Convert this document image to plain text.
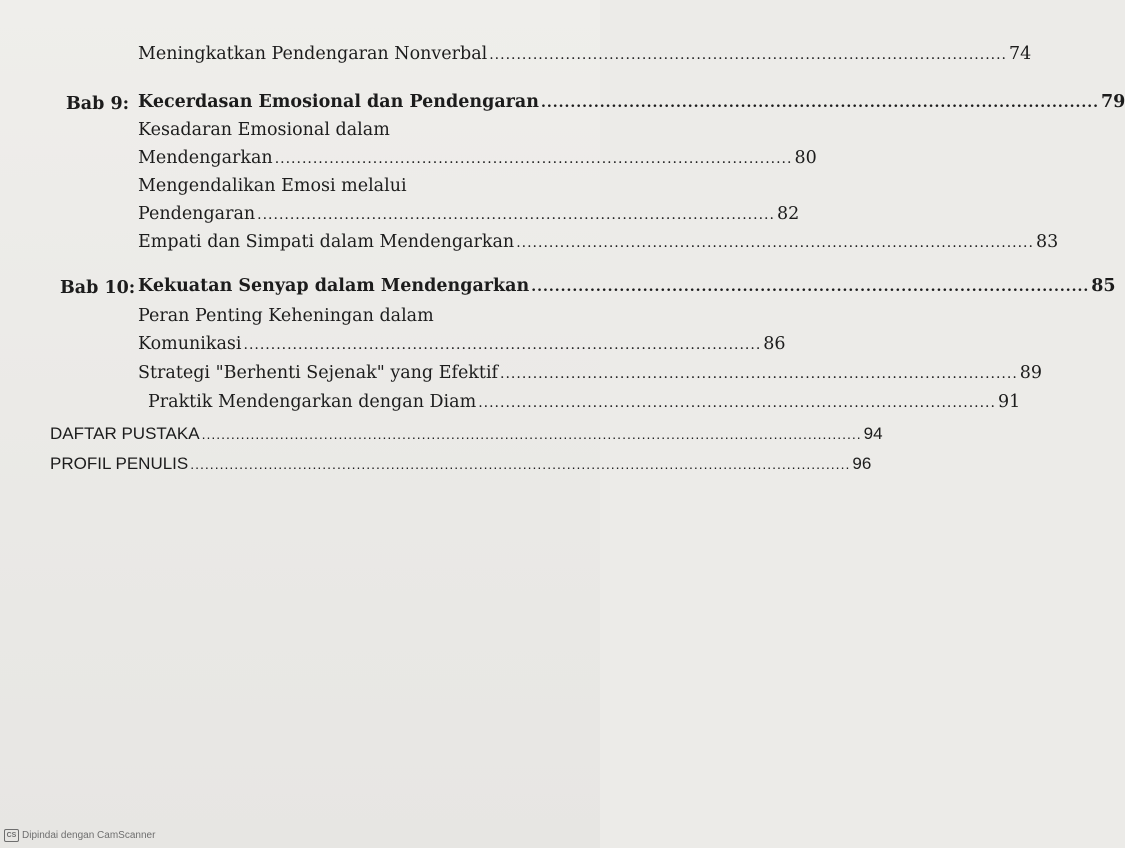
Meningkatkan Pendengaran Nonverbal ............................................................................................... 74
Bab 9: Kecerdasan Emosional dan Pendengaran ............................................................................................... 79
Kesadaran Emosional dalam
Mendengarkan ............................................................................................... 80
Mengendalikan Emosi melalui
Pendengaran ............................................................................................... 82
Empati dan Simpati dalam Mendengarkan ............................................................................................... 83
Bab 10: Kekuatan Senyap dalam Mendengarkan ............................................................................................... 85
Peran Penting Keheningan dalam
Komunikasi ............................................................................................... 86
Strategi "Berhenti Sejenak" yang Efektif ............................................................................................... 89
Praktik Mendengarkan dengan Diam ............................................................................................... 91
DAFTAR PUSTAKA ....................................................................................................................................... 94
PROFIL PENULIS ....................................................................................................................................... 96
CS Dipindai dengan CamScanner
